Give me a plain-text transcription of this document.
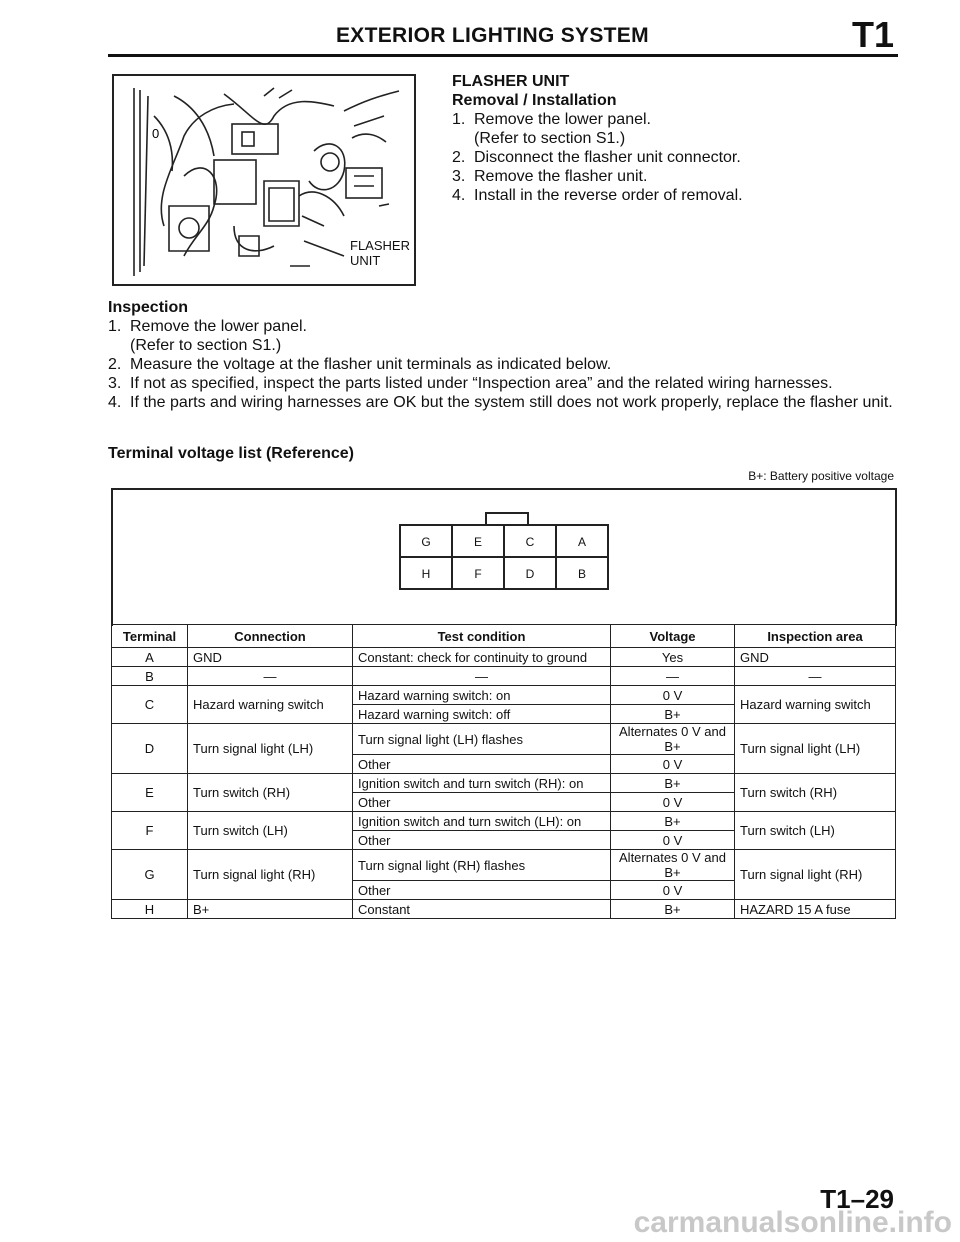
EXTERIOR LIGHTING SYSTEM	T1
0
FLASHER
UNIT
FLASHER UNIT
Removal / Installation
1. Remove the lower panel.
(Refer to section S1.)
2. Disconnect the flasher unit connector.
3. Remove the flasher unit.
4. Install in the reverse order of removal.
Inspection
1. Remove the lower panel.
(Refer to section S1.)
2. Measure the voltage at the flasher unit terminals as indicated below.
3. If not as specified, inspect the parts listed under “Inspection area” and the related wiring harnesses.
4. If the parts and wiring harnesses are OK but the system still does not work properly, replace the flasher unit.
Terminal voltage list (Reference)
B+: Battery positive voltage
G	E	C	A
H	F	D	B
Terminal	Connection	Test condition	Voltage	Inspection area
A	GND	Constant: check for continuity to ground	Yes	GND
B	—	—	—	—
C	Hazard warning switch	Hazard warning switch: on	0 V	Hazard warning switch
		Hazard warning switch: off	B+	
D	Turn signal light (LH)	Turn signal light (LH) flashes	Alternates 0 V and B+	Turn signal light (LH)
		Other	0 V	
E	Turn switch (RH)	Ignition switch and turn switch (RH): on	B+	Turn switch (RH)
		Other	0 V	
F	Turn switch (LH)	Ignition switch and turn switch (LH): on	B+	Turn switch (LH)
		Other	0 V	
G	Turn signal light (RH)	Turn signal light (RH) flashes	Alternates 0 V and B+	Turn signal light (RH)
		Other	0 V	
H	B+	Constant	B+	HAZARD 15 A fuse
T1–29
carmanualsonline.info
